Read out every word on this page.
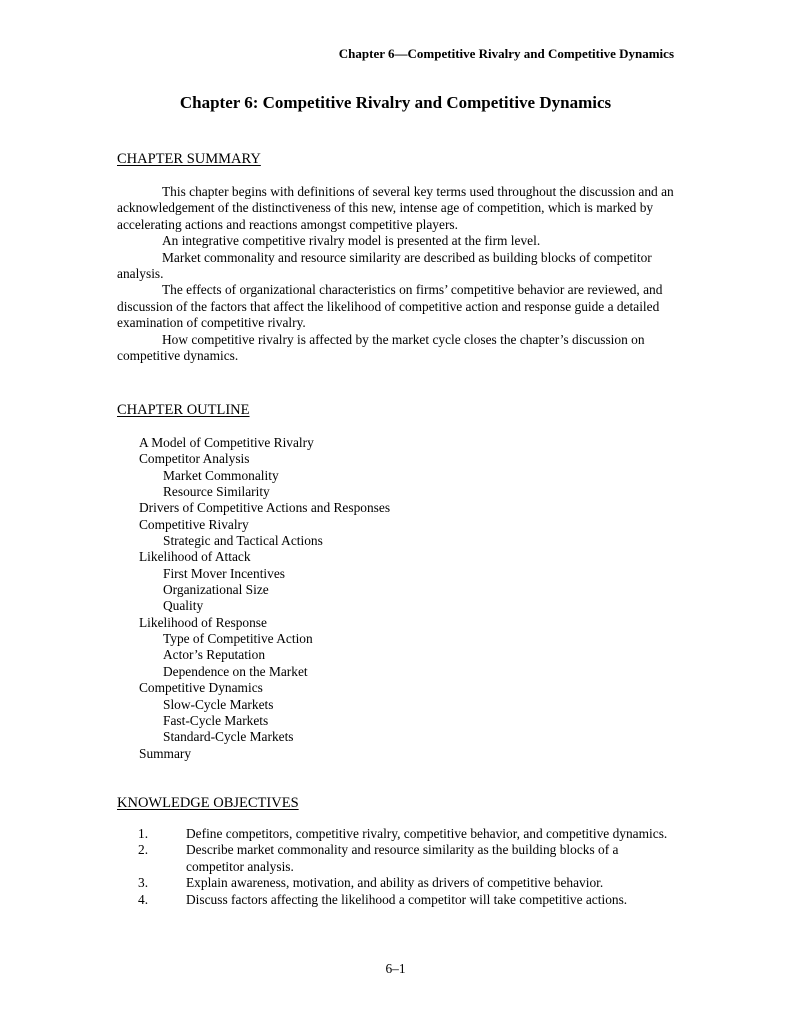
Chapter 6—Competitive Rivalry and Competitive Dynamics
Chapter 6: Competitive Rivalry and Competitive Dynamics
CHAPTER SUMMARY

This chapter begins with definitions of several key terms used throughout the discussion and an acknowledgement of the distinctiveness of this new, intense age of competition, which is marked by accelerating actions and reactions amongst competitive players.

An integrative competitive rivalry model is presented at the firm level.

Market commonality and resource similarity are described as building blocks of competitor analysis.

The effects of organizational characteristics on firms’ competitive behavior are reviewed, and discussion of the factors that affect the likelihood of competitive action and response guide a detailed examination of competitive rivalry.

How competitive rivalry is affected by the market cycle closes the chapter’s discussion on competitive dynamics.

CHAPTER OUTLINE
A Model of Competitive Rivalry
Competitor Analysis
Market Commonality
Resource Similarity
Drivers of Competitive Actions and Responses
Competitive Rivalry
Strategic and Tactical Actions
Likelihood of Attack
First Mover Incentives
Organizational Size
Quality
Likelihood of Response
Type of Competitive Action
Actor’s Reputation
Dependence on the Market
Competitive Dynamics
Slow-Cycle Markets
Fast-Cycle Markets
Standard-Cycle Markets
Summary
KNOWLEDGE OBJECTIVES
1.	Define competitors, competitive rivalry, competitive behavior, and competitive dynamics.
2.	Describe market commonality and resource similarity as the building blocks of a competitor analysis.
3.	Explain awareness, motivation, and ability as drivers of competitive behavior.
4.	Discuss factors affecting the likelihood a competitor will take competitive actions.
6–1
